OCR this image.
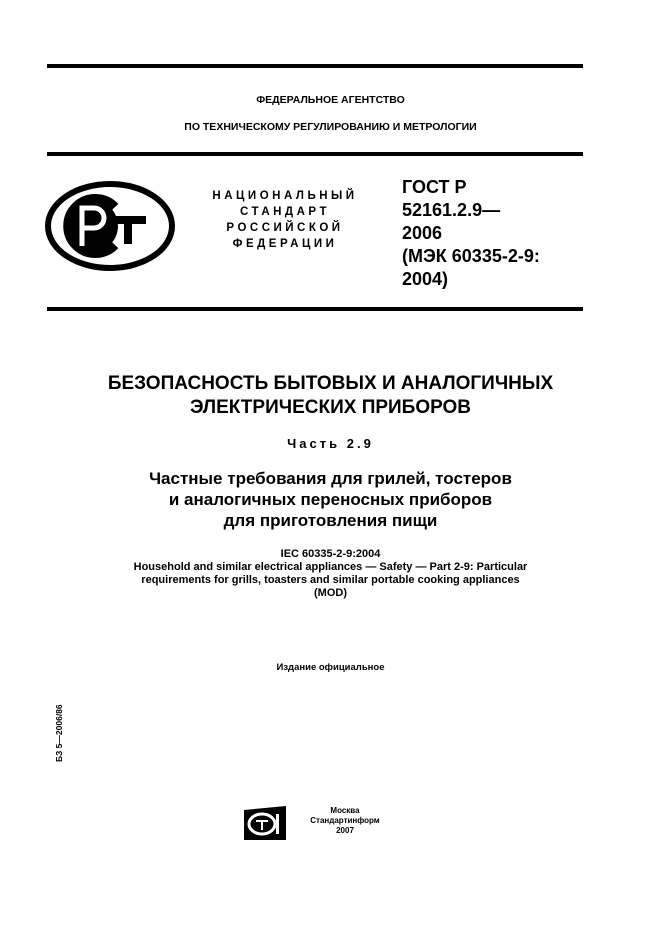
ФЕДЕРАЛЬНОЕ АГЕНТСТВО
ПО ТЕХНИЧЕСКОМУ РЕГУЛИРОВАНИЮ И МЕТРОЛОГИИ
НАЦИОНАЛЬНЫЙ
СТАНДАРТ
РОССИЙСКОЙ
ФЕДЕРАЦИИ
ГОСТ Р
52161.2.9—
2006
(МЭК 60335-2-9:
2004)
БЕЗОПАСНОСТЬ БЫТОВЫХ И АНАЛОГИЧНЫХ
ЭЛЕКТРИЧЕСКИХ ПРИБОРОВ
Часть 2.9
Частные требования для грилей, тостеров
и аналогичных переносных приборов
для приготовления пищи
IEC 60335-2-9:2004
Household and similar electrical appliances — Safety — Part 2-9: Particular
requirements for grills, toasters and similar portable cooking appliances
(MOD)
Издание официальное
БЗ 5—2006/86
Москва
Стандартинформ
2007
